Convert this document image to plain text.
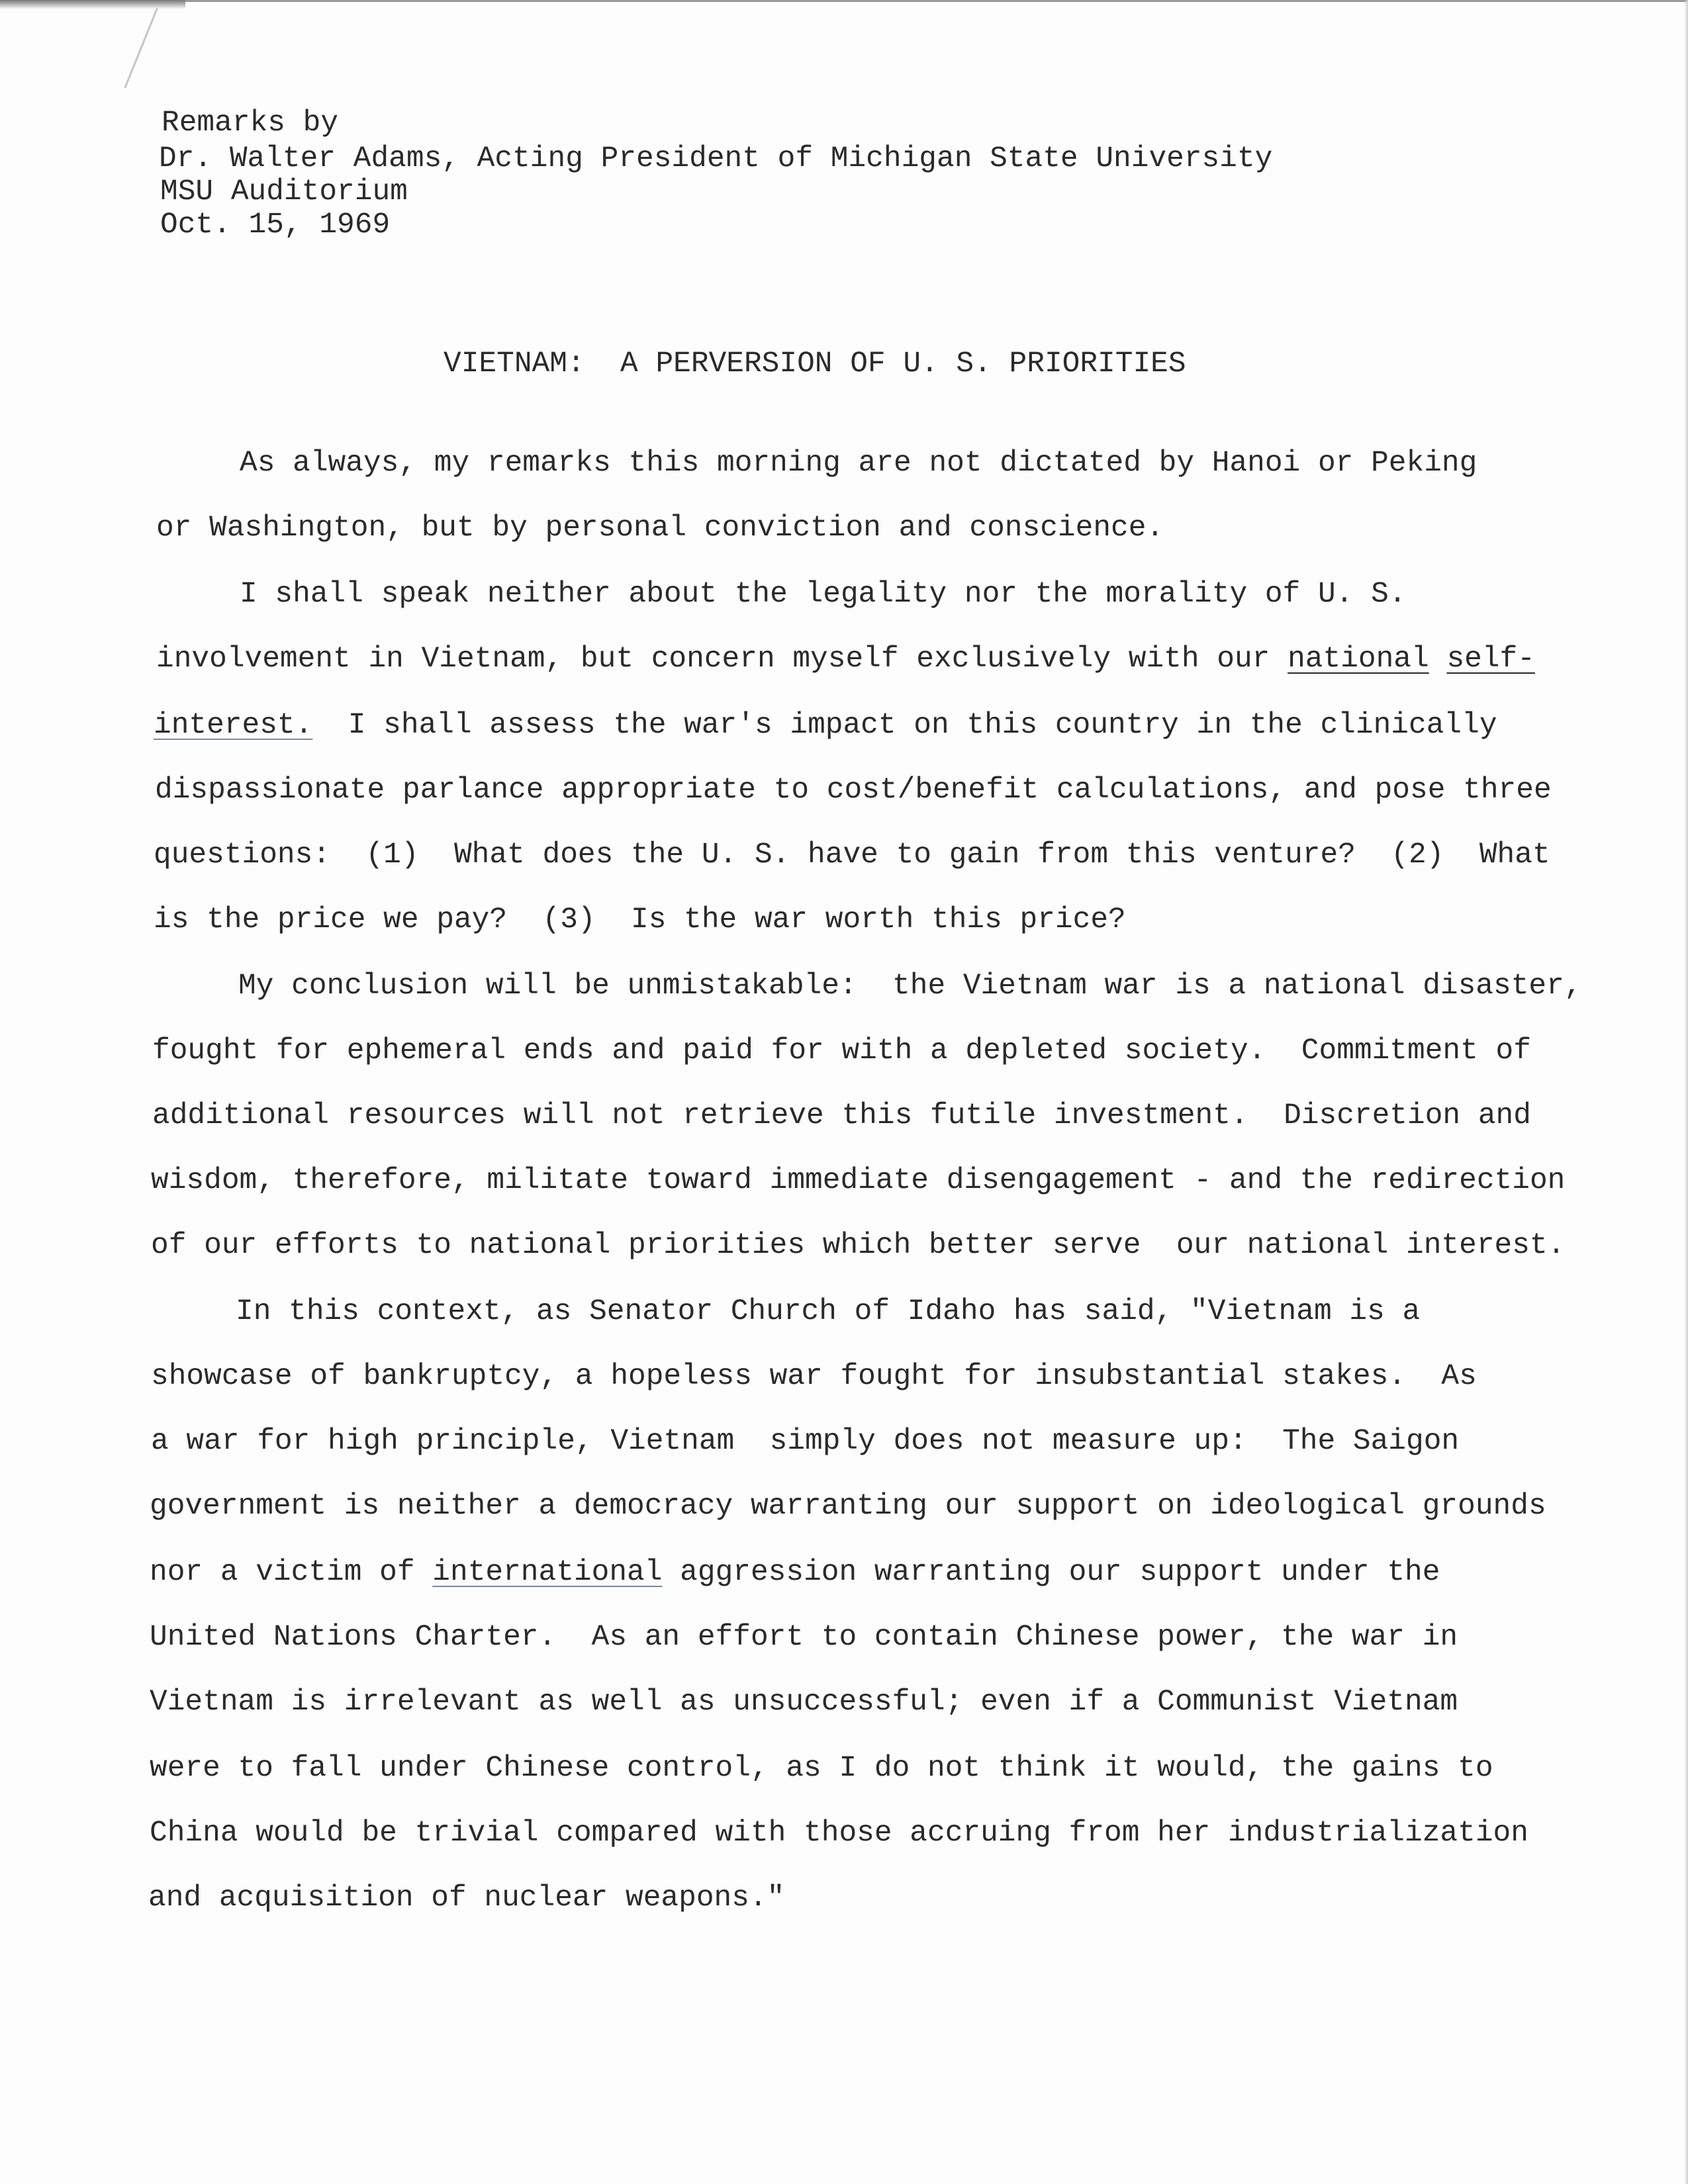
Remarks by
Dr. Walter Adams, Acting President of Michigan State University
MSU Auditorium
Oct. 15, 1969
VIETNAM:  A PERVERSION OF U. S. PRIORITIES
As always, my remarks this morning are not dictated by Hanoi or Peking
or Washington, but by personal conviction and conscience.
I shall speak neither about the legality nor the morality of U. S.
involvement in Vietnam, but concern myself exclusively with our national self-
interest.  I shall assess the war's impact on this country in the clinically
dispassionate parlance appropriate to cost/benefit calculations, and pose three
questions:  (1)  What does the U. S. have to gain from this venture?  (2)  What
is the price we pay?  (3)  Is the war worth this price?
My conclusion will be unmistakable:  the Vietnam war is a national disaster,
fought for ephemeral ends and paid for with a depleted society.  Commitment of
additional resources will not retrieve this futile investment.  Discretion and
wisdom, therefore, militate toward immediate disengagement - and the redirection
of our efforts to national priorities which better serve  our national interest.
In this context, as Senator Church of Idaho has said, "Vietnam is a
showcase of bankruptcy, a hopeless war fought for insubstantial stakes.  As
a war for high principle, Vietnam  simply does not measure up:  The Saigon
government is neither a democracy warranting our support on ideological grounds
nor a victim of international aggression warranting our support under the
United Nations Charter.  As an effort to contain Chinese power, the war in
Vietnam is irrelevant as well as unsuccessful; even if a Communist Vietnam
were to fall under Chinese control, as I do not think it would, the gains to
China would be trivial compared with those accruing from her industrialization
and acquisition of nuclear weapons."
